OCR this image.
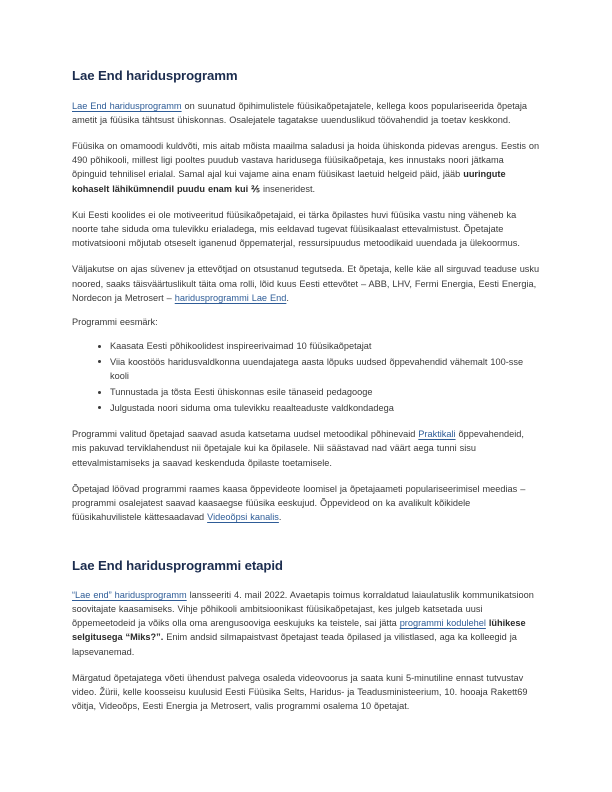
Lae End haridusprogramm

Lae End haridusprogramm on suunatud õpihimulistele füüsikaõpetajatele, kellega koos populariseerida õpetaja ametit ja füüsika tähtsust ühiskonnas. Osalejatele tagatakse uuenduslikud töövahendid ja toetav keskkond.

Füüsika on omamoodi kuldvõti, mis aitab mõista maailma saladusi ja hoida ühiskonda pidevas arengus. Eestis on 490 põhikooli, millest ligi pooltes puudub vastava haridusega füüsikaõpetaja, kes innustaks noori jätkama õpinguid tehnilisel erialal. Samal ajal kui vajame aina enam füüsikast laetuid helgeid päid, jääb uuringute kohaselt lähikümnendil puudu enam kui ⅖ inseneridest.

Kui Eesti koolides ei ole motiveeritud füüsikaõpetajaid, ei tärka õpilastes huvi füüsika vastu ning väheneb ka noorte tahe siduda oma tulevikku erialadega, mis eeldavad tugevat füüsikaalast ettevalmistust. Õpetajate motivatsiooni mõjutab otseselt iganenud õppematerjal, ressursipuudus metoodikaid uuendada ja ülekoormus.

Väljakutse on ajas süvenev ja ettevõtjad on otsustanud tegutseda. Et õpetaja, kelle käe all sirguvad teaduse usku noored, saaks täisväärtuslikult täita oma rolli, lõid kuus Eesti ettevõtet – ABB, LHV, Fermi Energia, Eesti Energia, Nordecon ja Metrosert – haridusprogrammi Lae End.

Programmi eesmärk:

Kaasata Eesti põhikoolidest inspireerivaimad 10 füüsikaõpetajat
Viia koostöös haridusvaldkonna uuendajatega aasta lõpuks uudsed õppevahendid vähemalt 100-sse kooli
Tunnustada ja tõsta Eesti ühiskonnas esile tänaseid pedagooge
Julgustada noori siduma oma tulevikku reaalteaduste valdkondadega

Programmi valitud õpetajad saavad asuda katsetama uudsel metoodikal põhinevaid Praktikali õppevahendeid, mis pakuvad terviklahendust nii õpetajale kui ka õpilasele. Nii säästavad nad väärt aega tunni sisu ettevalmistamiseks ja saavad keskenduda õpilaste toetamisele.

Õpetajad löövad programmi raames kaasa õppevideote loomisel ja õpetajaameti populariseerimisel meedias – programmi osalejatest saavad kaasaegse füüsika eeskujud. Õppevideod on ka avalikult kõikidele füüsikahuvilistele kättesaadavad Videoõpsi kanalis.

Lae End haridusprogrammi etapid

“Lae end” haridusprogramm lansseeriti 4. mail 2022. Avaetapis toimus korraldatud laiaulatuslik kommunikatsioon soovitajate kaasamiseks. Vihje põhikooli ambitsioonikast füüsikaõpetajast, kes julgeb katsetada uusi õppemeetodeid ja võiks olla oma arengusooviga eeskujuks ka teistele, sai jätta programmi kodulehel lühikese selgitusega “Miks?”. Enim andsid silmapaistvast õpetajast teada õpilased ja vilistlased, aga ka kolleegid ja lapsevanemad.

Märgatud õpetajatega võeti ühendust palvega osaleda videovoorus ja saata kuni 5-minutiline ennast tutvustav video. Žürii, kelle koosseisu kuulusid Eesti Füüsika Selts, Haridus- ja Teadusministeerium, 10. hooaja Rakett69 võitja, Videoõps, Eesti Energia ja Metrosert, valis programmi osalema 10 õpetajat.
